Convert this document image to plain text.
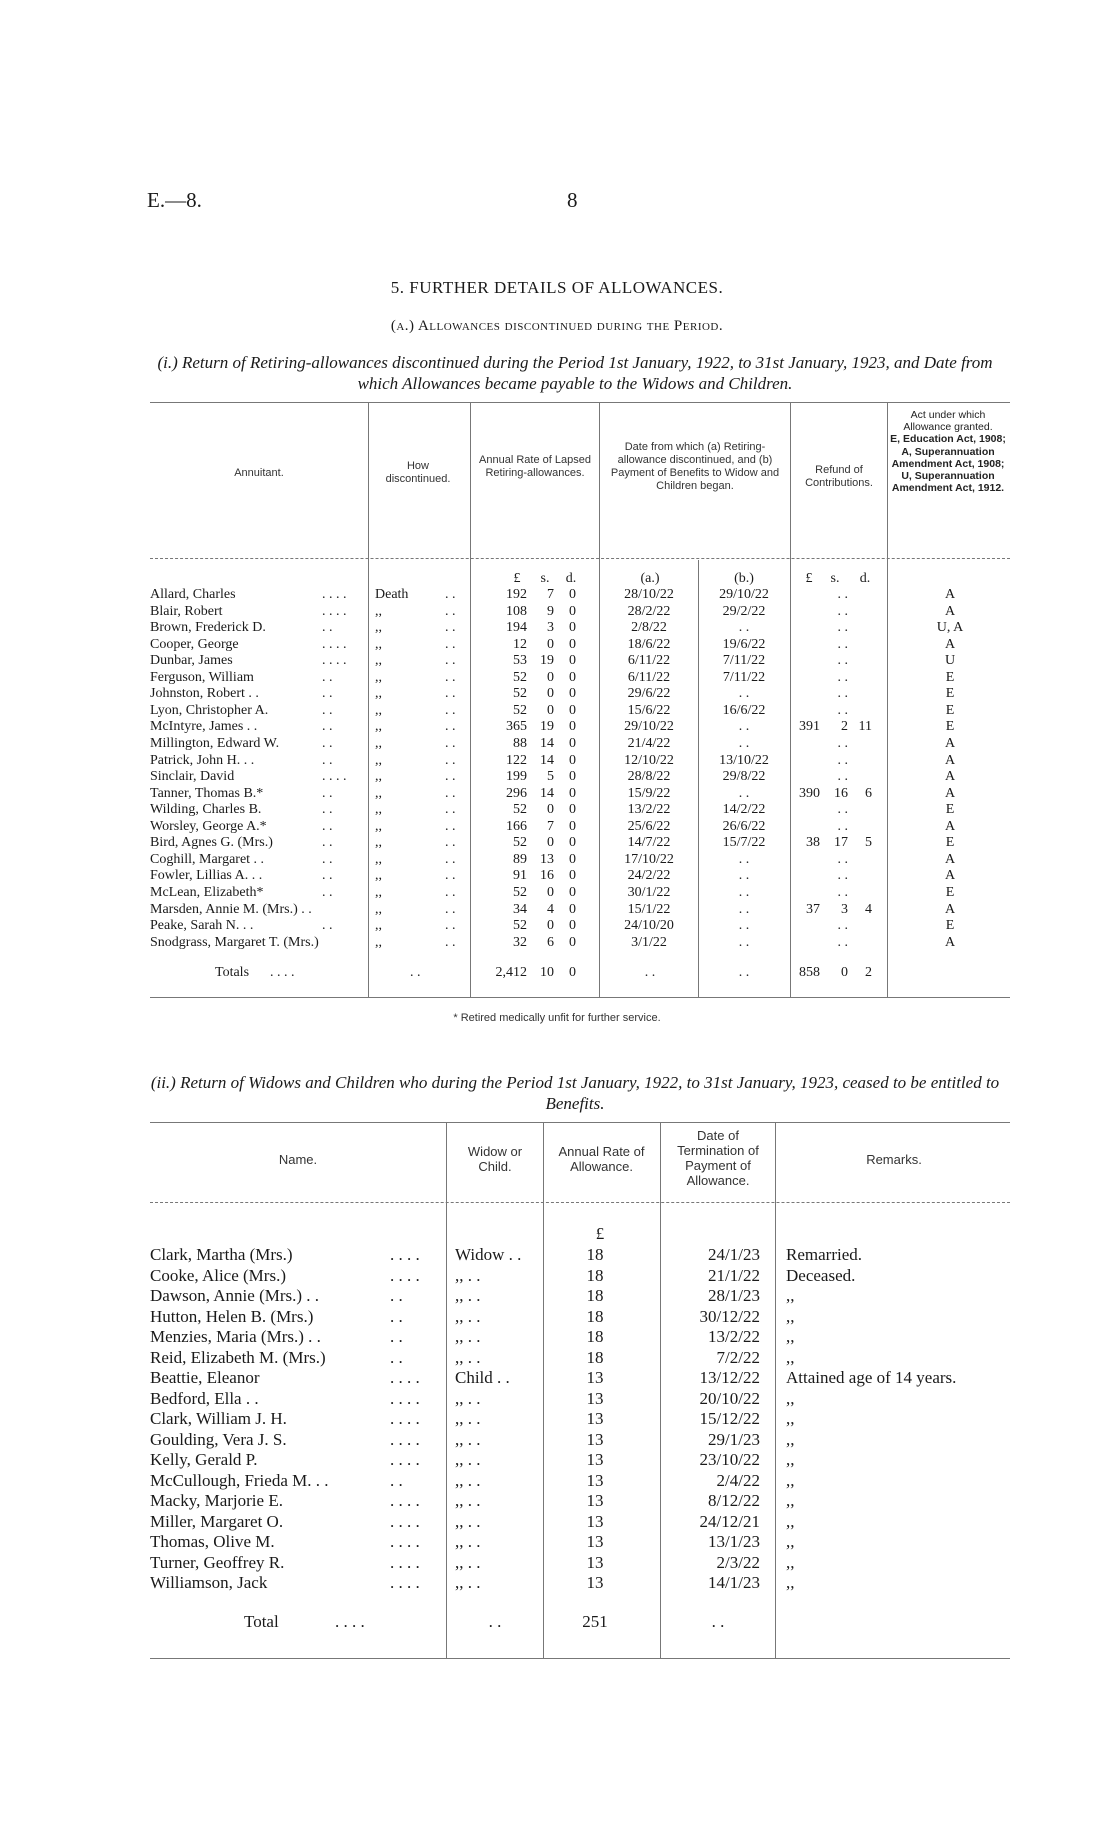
E.—8.	8
5. FURTHER DETAILS OF ALLOWANCES.
(a.) Allowances discontinued during the Period.
(i.) Return of Retiring-allowances discontinued during the Period 1st January, 1922, to 31st January, 1923, and Date from which Allowances became payable to the Widows and Children.
Annuitant.
How discontinued.
Annual Rate of Lapsed Retiring-allowances.
Date from which (a) Retiring-allowance discontinued, and (b) Payment of Benefits to Widow and Children began.
Refund of Contributions.
Act under which Allowance granted.
E, Education Act, 1908; A, Superannuation Amendment Act, 1908; U, Superannuation Amendment Act, 1912.
£	s.	d.	(a.)	(b.)	£	s.	d.
Allard, Charles	. . . . Death	. .	192	7	0	28/10/22	29/10/22	. .	A
Blair, Robert	. . . . ,,	. .	108	9	0	28/2/22	29/2/22	. .	A
Brown, Frederick D.	. .	,,	. .	194	3	0	2/8/22	. .	. .	U, A
Cooper, George	. . . . ,,	. .	12	0	0	18/6/22	19/6/22	. .	A
Dunbar, James	. . . . ,,	. .	53 19	0	6/11/22	7/11/22	. .	U
Ferguson, William	. .	,,	. .	52	0	0	6/11/22	7/11/22	. .	E
Johnston, Robert . .	. .	,,	. .	52	0	0	29/6/22	. .	. .	E
Lyon, Christopher A.	. .	,,	. .	52	0	0	15/6/22	16/6/22	. .	E
McIntyre, James . .	. .	,,	. .	365 19	0	29/10/22	. .	391	2 11	E
Millington, Edward W.	. .	,,	. .	88 14	0	21/4/22	. .	. .	A
Patrick, John H. . .	. .	,,	. .	122 14	0	12/10/22	13/10/22	. .	A
Sinclair, David	. . . . ,,	. .	199	5	0	28/8/22	29/8/22	. .	A
Tanner, Thomas B.*	. .	,,	. .	296 14	0	15/9/22	. .	390	16	6	A
Wilding, Charles B.	. .	,,	. .	52	0	0	13/2/22	14/2/22	. .	E
Worsley, George A.*	. .	,,	. .	166	7	0	25/6/22	26/6/22	. .	A
Bird, Agnes G. (Mrs.)	. .	,,	. .	52	0	0	14/7/22	15/7/22	38	17	5	E
Coghill, Margaret . .	. .	,,	. .	89 13	0	17/10/22	. .	. .	A
Fowler, Lillias A. . .	. .	,,	. .	91 16	0	24/2/22	. .	. .	A
McLean, Elizabeth*	. .	,,	. .	52	0	0	30/1/22	. .	. .	E
Marsden, Annie M. (Mrs.) . .	,,	. .	34	4	0	15/1/22	. .	37	3	4	A
Peake, Sarah N. . .	. .	,,	. .	52	0	0	24/10/20	. .	. .	E
Snodgrass, Margaret T. (Mrs.)	,,	. .	32	6	0	3/1/22	. .	. .	A
Totals . . . .	. .	2,412 10	0	. .	. .	858	0	2
* Retired medically unfit for further service.
(ii.) Return of Widows and Children who during the Period 1st January, 1922, to 31st January, 1923, ceased to be entitled to Benefits.
Name.
Widow or Child.
Annual Rate of Allowance.
Date of Termination of Payment of Allowance.
Remarks.
£
Clark, Martha (Mrs.)	. . . . Widow . .	18	24/1/23 Remarried.
Cooke, Alice (Mrs.)	. . . . ,, . .	18	21/1/22 Deceased.
Dawson, Annie (Mrs.) . .	. .	,, . .	18	28/1/23 ,,
Hutton, Helen B. (Mrs.)	. .	,, . .	18	30/12/22 ,,
Menzies, Maria (Mrs.) . .	. .	,, . .	18	13/2/22 ,,
Reid, Elizabeth M. (Mrs.)	. .	,, . .	18	7/2/22 ,,
Beattie, Eleanor	. . . . Child . .	13	13/12/22 Attained age of 14 years.
Bedford, Ella . .	. . . . ,, . .	13	20/10/22 ,,
Clark, William J. H.	. . . . ,, . .	13	15/12/22 ,,
Goulding, Vera J. S.	. . . . ,, . .	13	29/1/23 ,,
Kelly, Gerald P.	. . . . ,, . .	13	23/10/22 ,,
McCullough, Frieda M. . .	. .	,, . .	13	2/4/22 ,,
Macky, Marjorie E.	. . . . ,, . .	13	8/12/22 ,,
Miller, Margaret O.	. . . . ,, . .	13	24/12/21 ,,
Thomas, Olive M.	. . . . ,, . .	13	13/1/23 ,,
Turner, Geoffrey R.	. . . . ,, . .	13	2/3/22 ,,
Williamson, Jack	. . . . ,, . .	13	14/1/23 ,,
Total	. . . .	. .	251	. .
